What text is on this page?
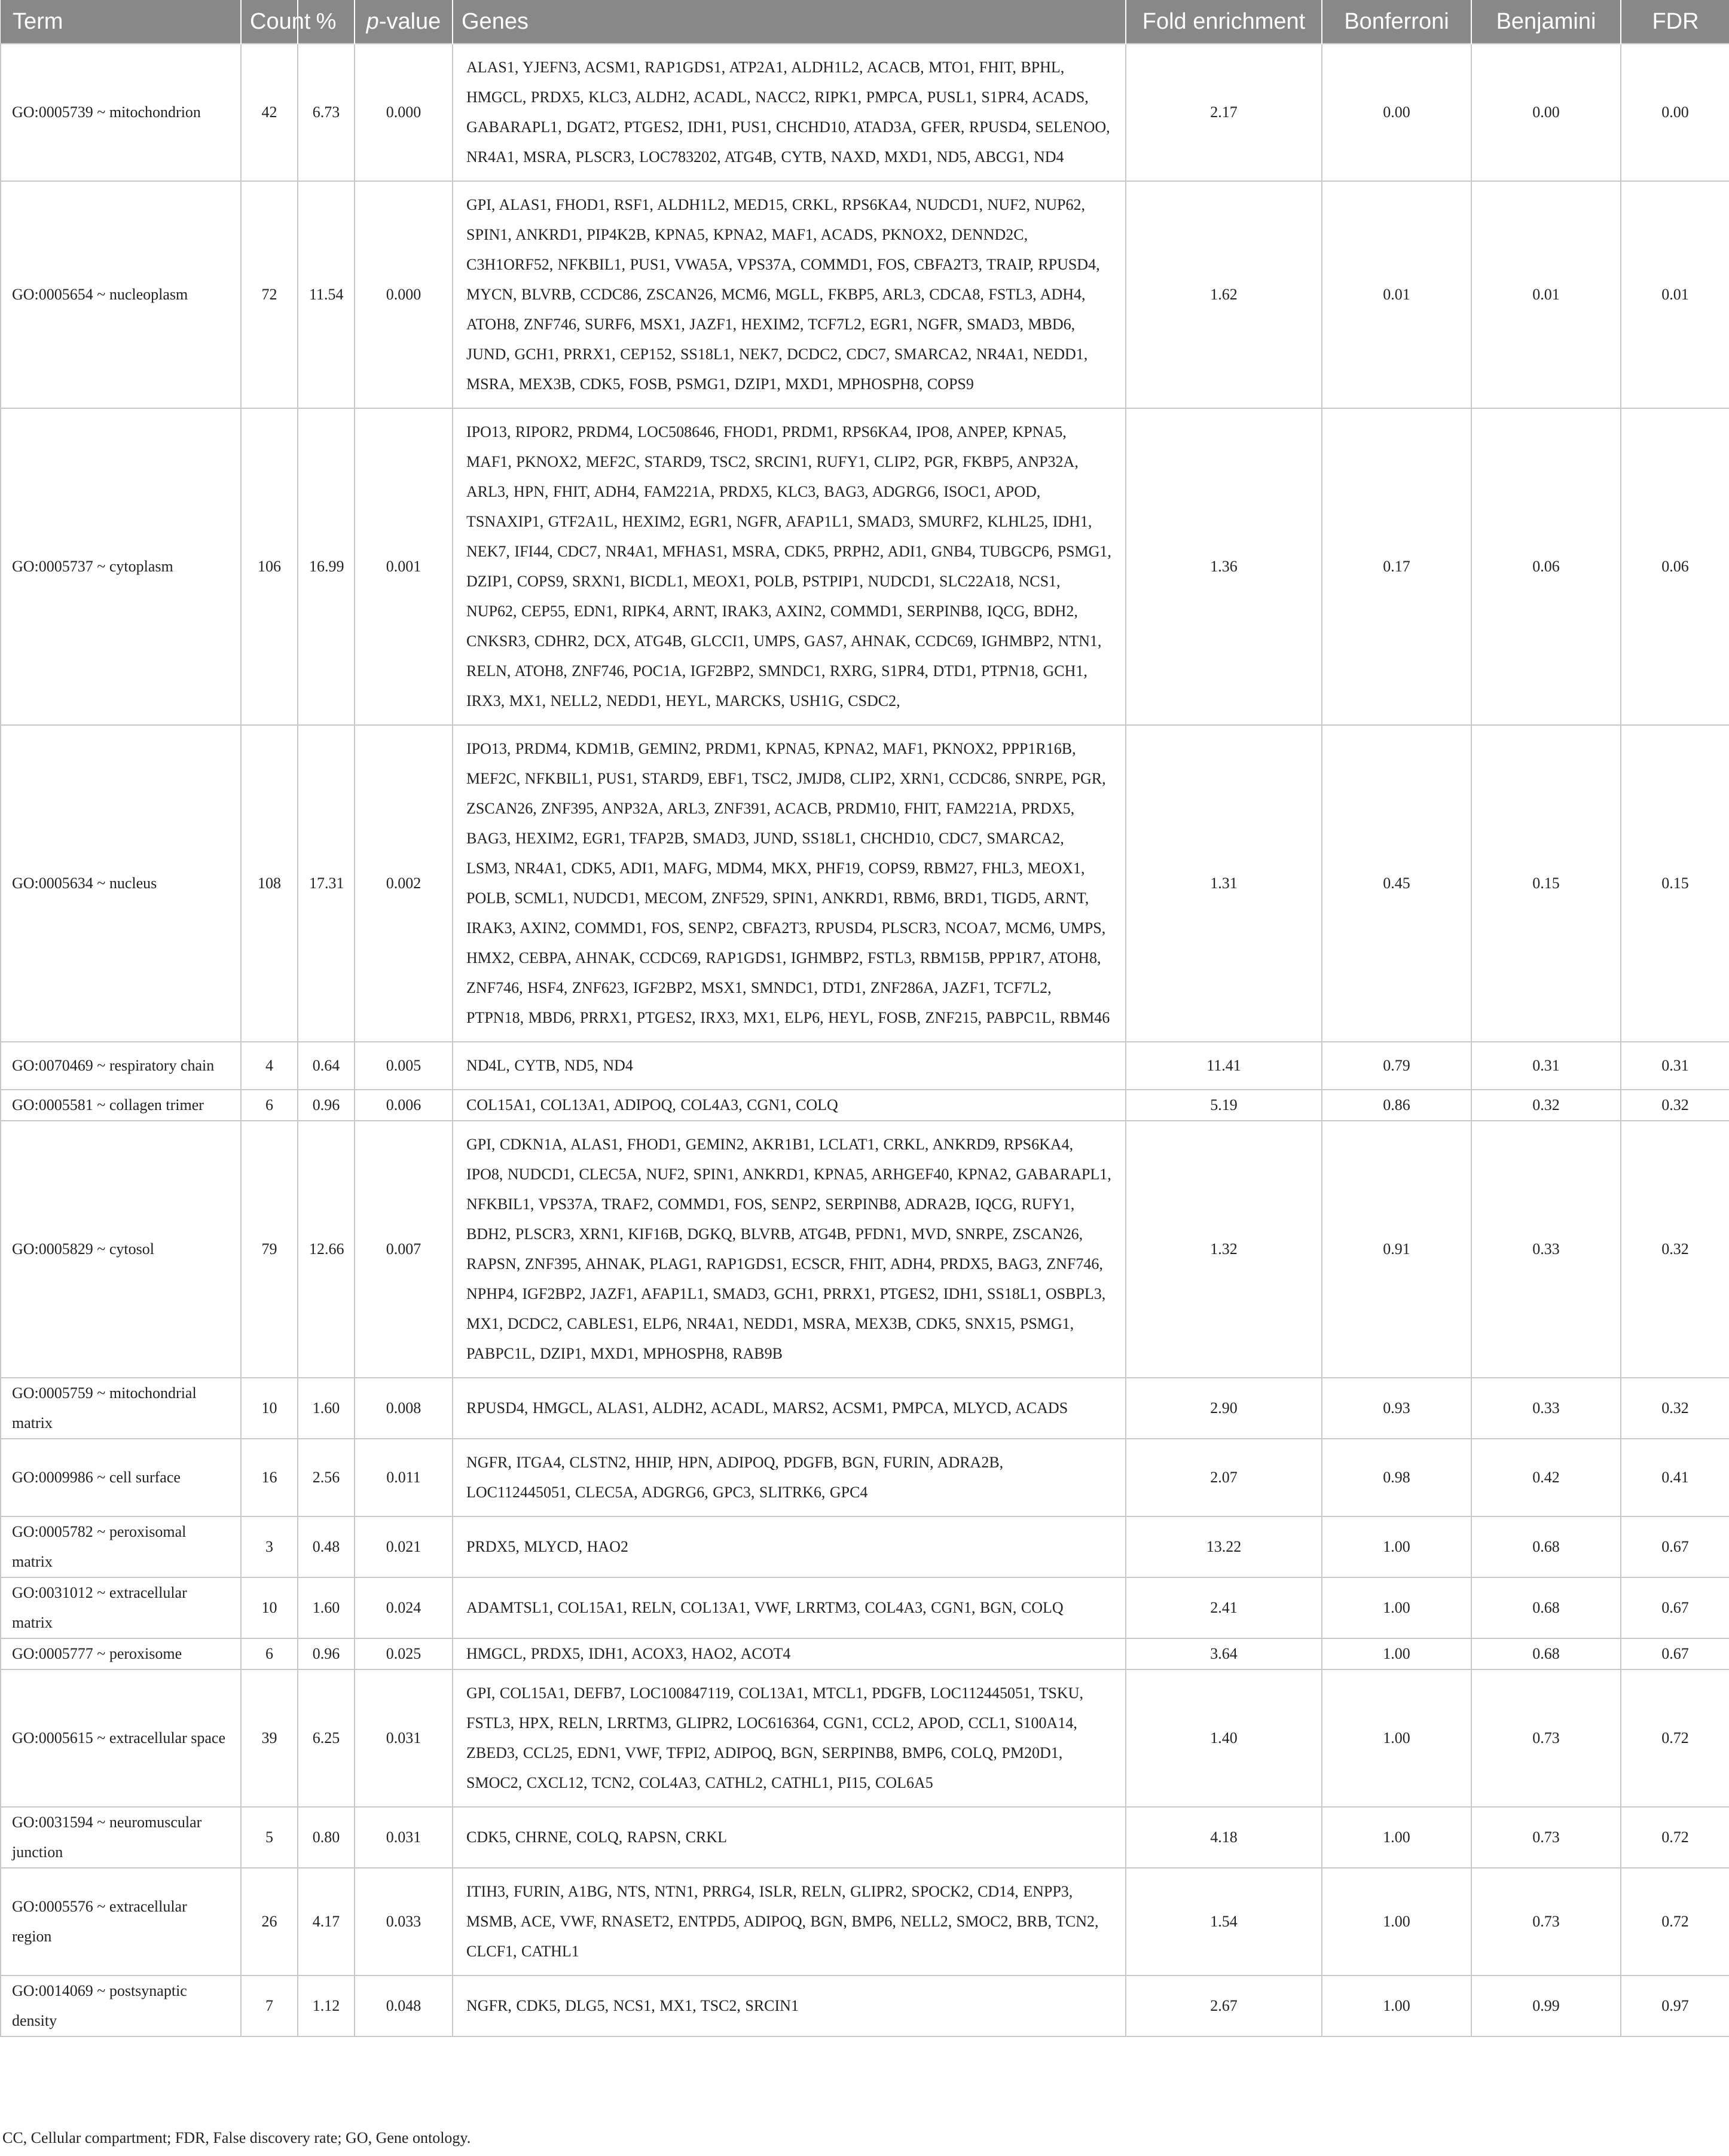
Term	Count	%	p-value	Genes	Fold enrichment	Bonferroni	Benjamini	FDR
GO:0005739 ~ mitochondrion	42	6.73	0.000	ALAS1, YJEFN3, ACSM1, RAP1GDS1, ATP2A1, ALDH1L2, ACACB, MTO1, FHIT, BPHL, HMGCL, PRDX5, KLC3, ALDH2, ACADL, NACC2, RIPK1, PMPCA, PUSL1, S1PR4, ACADS, GABARAPL1, DGAT2, PTGES2, IDH1, PUS1, CHCHD10, ATAD3A, GFER, RPUSD4, SELENOO, NR4A1, MSRA, PLSCR3, LOC783202, ATG4B, CYTB, NAXD, MXD1, ND5, ABCG1, ND4	2.17	0.00	0.00	0.00
GO:0005654 ~ nucleoplasm	72	11.54	0.000	GPI, ALAS1, FHOD1, RSF1, ALDH1L2, MED15, CRKL, RPS6KA4, NUDCD1, NUF2, NUP62, SPIN1, ANKRD1, PIP4K2B, KPNA5, KPNA2, MAF1, ACADS, PKNOX2, DENND2C, C3H1ORF52, NFKBIL1, PUS1, VWA5A, VPS37A, COMMD1, FOS, CBFA2T3, TRAIP, RPUSD4, MYCN, BLVRB, CCDC86, ZSCAN26, MCM6, MGLL, FKBP5, ARL3, CDCA8, FSTL3, ADH4, ATOH8, ZNF746, SURF6, MSX1, JAZF1, HEXIM2, TCF7L2, EGR1, NGFR, SMAD3, MBD6, JUND, GCH1, PRRX1, CEP152, SS18L1, NEK7, DCDC2, CDC7, SMARCA2, NR4A1, NEDD1, MSRA, MEX3B, CDK5, FOSB, PSMG1, DZIP1, MXD1, MPHOSPH8, COPS9	1.62	0.01	0.01	0.01
GO:0005737 ~ cytoplasm	106	16.99	0.001	IPO13, RIPOR2, PRDM4, LOC508646, FHOD1, PRDM1, RPS6KA4, IPO8, ANPEP, KPNA5, MAF1, PKNOX2, MEF2C, STARD9, TSC2, SRCIN1, RUFY1, CLIP2, PGR, FKBP5, ANP32A, ARL3, HPN, FHIT, ADH4, FAM221A, PRDX5, KLC3, BAG3, ADGRG6, ISOC1, APOD, TSNAXIP1, GTF2A1L, HEXIM2, EGR1, NGFR, AFAP1L1, SMAD3, SMURF2, KLHL25, IDH1, NEK7, IFI44, CDC7, NR4A1, MFHAS1, MSRA, CDK5, PRPH2, ADI1, GNB4, TUBGCP6, PSMG1, DZIP1, COPS9, SRXN1, BICDL1, MEOX1, POLB, PSTPIP1, NUDCD1, SLC22A18, NCS1, NUP62, CEP55, EDN1, RIPK4, ARNT, IRAK3, AXIN2, COMMD1, SERPINB8, IQCG, BDH2, CNKSR3, CDHR2, DCX, ATG4B, GLCCI1, UMPS, GAS7, AHNAK, CCDC69, IGHMBP2, NTN1, RELN, ATOH8, ZNF746, POC1A, IGF2BP2, SMNDC1, RXRG, S1PR4, DTD1, PTPN18, GCH1, IRX3, MX1, NELL2, NEDD1, HEYL, MARCKS, USH1G, CSDC2,	1.36	0.17	0.06	0.06
GO:0005634 ~ nucleus	108	17.31	0.002	IPO13, PRDM4, KDM1B, GEMIN2, PRDM1, KPNA5, KPNA2, MAF1, PKNOX2, PPP1R16B, MEF2C, NFKBIL1, PUS1, STARD9, EBF1, TSC2, JMJD8, CLIP2, XRN1, CCDC86, SNRPE, PGR, ZSCAN26, ZNF395, ANP32A, ARL3, ZNF391, ACACB, PRDM10, FHIT, FAM221A, PRDX5, BAG3, HEXIM2, EGR1, TFAP2B, SMAD3, JUND, SS18L1, CHCHD10, CDC7, SMARCA2, LSM3, NR4A1, CDK5, ADI1, MAFG, MDM4, MKX, PHF19, COPS9, RBM27, FHL3, MEOX1, POLB, SCML1, NUDCD1, MECOM, ZNF529, SPIN1, ANKRD1, RBM6, BRD1, TIGD5, ARNT, IRAK3, AXIN2, COMMD1, FOS, SENP2, CBFA2T3, RPUSD4, PLSCR3, NCOA7, MCM6, UMPS, HMX2, CEBPA, AHNAK, CCDC69, RAP1GDS1, IGHMBP2, FSTL3, RBM15B, PPP1R7, ATOH8, ZNF746, HSF4, ZNF623, IGF2BP2, MSX1, SMNDC1, DTD1, ZNF286A, JAZF1, TCF7L2, PTPN18, MBD6, PRRX1, PTGES2, IRX3, MX1, ELP6, HEYL, FOSB, ZNF215, PABPC1L, RBM46	1.31	0.45	0.15	0.15
GO:0070469 ~ respiratory chain	4	0.64	0.005	ND4L, CYTB, ND5, ND4	11.41	0.79	0.31	0.31
GO:0005581 ~ collagen trimer	6	0.96	0.006	COL15A1, COL13A1, ADIPOQ, COL4A3, CGN1, COLQ	5.19	0.86	0.32	0.32
GO:0005829 ~ cytosol	79	12.66	0.007	GPI, CDKN1A, ALAS1, FHOD1, GEMIN2, AKR1B1, LCLAT1, CRKL, ANKRD9, RPS6KA4, IPO8, NUDCD1, CLEC5A, NUF2, SPIN1, ANKRD1, KPNA5, ARHGEF40, KPNA2, GABARAPL1, NFKBIL1, VPS37A, TRAF2, COMMD1, FOS, SENP2, SERPINB8, ADRA2B, IQCG, RUFY1, BDH2, PLSCR3, XRN1, KIF16B, DGKQ, BLVRB, ATG4B, PFDN1, MVD, SNRPE, ZSCAN26, RAPSN, ZNF395, AHNAK, PLAG1, RAP1GDS1, ECSCR, FHIT, ADH4, PRDX5, BAG3, ZNF746, NPHP4, IGF2BP2, JAZF1, AFAP1L1, SMAD3, GCH1, PRRX1, PTGES2, IDH1, SS18L1, OSBPL3, MX1, DCDC2, CABLES1, ELP6, NR4A1, NEDD1, MSRA, MEX3B, CDK5, SNX15, PSMG1, PABPC1L, DZIP1, MXD1, MPHOSPH8, RAB9B	1.32	0.91	0.33	0.32
GO:0005759 ~ mitochondrial matrix	10	1.60	0.008	RPUSD4, HMGCL, ALAS1, ALDH2, ACADL, MARS2, ACSM1, PMPCA, MLYCD, ACADS	2.90	0.93	0.33	0.32
GO:0009986 ~ cell surface	16	2.56	0.011	NGFR, ITGA4, CLSTN2, HHIP, HPN, ADIPOQ, PDGFB, BGN, FURIN, ADRA2B, LOC112445051, CLEC5A, ADGRG6, GPC3, SLITRK6, GPC4	2.07	0.98	0.42	0.41
GO:0005782 ~ peroxisomal matrix	3	0.48	0.021	PRDX5, MLYCD, HAO2	13.22	1.00	0.68	0.67
GO:0031012 ~ extracellular matrix	10	1.60	0.024	ADAMTSL1, COL15A1, RELN, COL13A1, VWF, LRRTM3, COL4A3, CGN1, BGN, COLQ	2.41	1.00	0.68	0.67
GO:0005777 ~ peroxisome	6	0.96	0.025	HMGCL, PRDX5, IDH1, ACOX3, HAO2, ACOT4	3.64	1.00	0.68	0.67
GO:0005615 ~ extracellular space	39	6.25	0.031	GPI, COL15A1, DEFB7, LOC100847119, COL13A1, MTCL1, PDGFB, LOC112445051, TSKU, FSTL3, HPX, RELN, LRRTM3, GLIPR2, LOC616364, CGN1, CCL2, APOD, CCL1, S100A14, ZBED3, CCL25, EDN1, VWF, TFPI2, ADIPOQ, BGN, SERPINB8, BMP6, COLQ, PM20D1, SMOC2, CXCL12, TCN2, COL4A3, CATHL2, CATHL1, PI15, COL6A5	1.40	1.00	0.73	0.72
GO:0031594 ~ neuromuscular junction	5	0.80	0.031	CDK5, CHRNE, COLQ, RAPSN, CRKL	4.18	1.00	0.73	0.72
GO:0005576 ~ extracellular region	26	4.17	0.033	ITIH3, FURIN, A1BG, NTS, NTN1, PRRG4, ISLR, RELN, GLIPR2, SPOCK2, CD14, ENPP3, MSMB, ACE, VWF, RNASET2, ENTPD5, ADIPOQ, BGN, BMP6, NELL2, SMOC2, BRB, TCN2, CLCF1, CATHL1	1.54	1.00	0.73	0.72
GO:0014069 ~ postsynaptic density	7	1.12	0.048	NGFR, CDK5, DLG5, NCS1, MX1, TSC2, SRCIN1	2.67	1.00	0.99	0.97
CC, Cellular compartment; FDR, False discovery rate; GO, Gene ontology.
